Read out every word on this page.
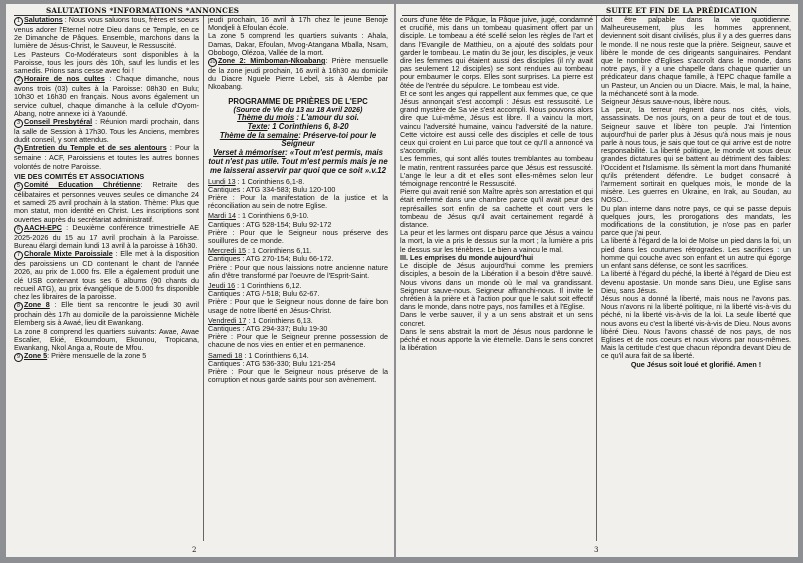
SALUTATIONS *INFORMATIONS *ANNONCES

1 Salutations : Nous vous saluons tous, frères et soeurs venus adorer l'Eternel notre Dieu dans ce Temple, en ce 2e Dimanche de Pâques. Ensemble, marchons dans la lumière de Jésus-Christ, le Sauveur, le Ressuscité.

Les Pasteurs Co-Modérateurs sont disponibles à la Paroisse, tous les jours dès 10h, sauf les lundis et les samedis. Prions sans cesse avec foi !

2 Horaire de nos cultes : Chaque dimanche, nous avons trois (03) cultes à la Paroisse: 08h30 en Bulu; 10h30 et 16h30 en français. Nous avons également un service cultuel, chaque dimanche à la cellule d'Oyom-Abang, notre annexe ici à Yaoundé.

3 Conseil Presbytéral : Réunion mardi prochain, dans la salle de Session à 17h30. Tous les Anciens, membres dudit conseil, y sont attendus.

4 Entretien du Temple et de ses alentours : Pour la semaine : ACF, Paroissiens et toutes les autres bonnes volontés de notre Paroisse.

VIE DES COMITÉS ET ASSOCIATIONS

5 Comité Education Chrétienne: Retraite des célibataires et personnes veuves seules ce dimanche 24 et samedi 25 avril prochain à la station. Thème: Plus que mon statut, mon identité en Christ. Les inscriptions sont ouvertes auprès du secrétariat administratif.

6 AACH-EPC : Deuxième conférence trimestrielle AE 2025-2026 du 15 au 17 avril prochain à la Paroisse. Bureau élargi demain lundi 13 avril à la paroisse à 16h30.

7 Chorale Mixte Paroissiale : Elle met à la disposition des paroissiens un CD contenant le chant de l'année 2026, au prix de 1.000 frs. Elle a également produit une clé USB contenant tous ses 6 albums (90 chants du recueil ATG), au prix évangélique de 5.000 frs disponible chez les libraires de la paroisse.

8 Zone 8 : Elle tient sa rencontre le jeudi 30 avril prochain dès 17h au domicile de la paroissienne Michèle Elemberg sis à Awaé, lieu dit Ewankang.

La zone 8 comprend les quartiers suivants: Awae, Awae Escalier, Ekié, Ekoumdoum, Ekounou, Tropicana, Ewankang, Nkol Anga a, Route de Mfou.

9 Zone 5: Prière mensuelle de la zone 5

jeudi prochain, 16 avril à 17h chez le jeune Benoje Mondjeli à Efoulan école.

La zone 5 comprend les quartiers suivants : Ahala, Damas, Dakar, Efoulan, Mvog-Atangana Mballa, Nsam, Obobogo, Olézoa, Vallée de la mort.

10 Zone 2: Mimboman-Nkoabang: Prière mensuelle de la zone jeudi prochain, 16 avril à 16h30 au domicile du Diacre Nguele Pierre Lebel, sis à Alembe par Nkoabang.

PROGRAMME DE PRIÈRES DE L'EPC

(Source de Vie du 13 au 18 Avril 2026)

Thème du mois : L'amour du soi.

Texte: 1 Corinthiens 6, 8-20

Thème de la semaine: Préserve-toi pour le Seigneur

Verset à mémoriser: «Tout m'est permis, mais tout n'est pas utile. Tout m'est permis mais je ne me laisserai asservir par quoi que ce soit ».v.12

Lundi 13 : 1 Corinthiens 6,1-8.

Cantiques : ATG 334-583; Bulu 120-100

Prière : Pour la manifestation de la justice et la réconciliation au sein de notre Eglise.

Mardi 14 : 1 Corinthiens 6,9-10.

Cantiques : ATG 528-154; Bulu 92-172

Prière : Pour que le Seigneur nous préserve des souillures de ce monde.

Mercredi 15 : 1 Corinthiens 6,11.

Cantiques : ATG 270-154; Bulu 66-172.

Prière : Pour que nous laissions notre ancienne nature afin d'être transformé par l'oeuvre de l'Esprit-Saint.

Jeudi 16 : 1 Corinthiens 6,12.

Cantiques : ATG /-518; Bulu 62-67.

Prière : Pour que le Seigneur nous donne de faire bon usage de notre liberté en Jésus-Christ.

Vendredi 17 : 1 Corinthiens 6,13.

Cantiques : ATG 294-337; Bulu 19-30

Prière : Pour que le Seigneur prenne possession de chacune de nos vies en entier et en permanence.

Samedi 18 : 1 Corinthiens 6,14.

Cantiques : ATG 536-330; Bulu 121-254

Prière : Pour que le Seigneur nous préserve de la corruption et nous garde saints pour son avènement.

2
SUITE ET FIN DE LA PRÉDICATION

cours d'une fête de Pâque, la Pâque juive, jugé, condamné et crucifié, mis dans un tombeau quasiment offert par un disciple. Le tombeau a été scellé selon les règles de l'art et dans l'Evangile de Matthieu, on a ajouté des soldats pour garder le tombeau. Le matin du 3e jour, les disciples, je veux dire les femmes qui étaient aussi des disciples (il n'y avait pas seulement 12 disciples) se sont rendues au tombeau pour embaumer le corps. Elles sont surprises. La pierre est ôtée de l'entrée du sépulcre. Le tombeau est vide.

Et ce sont les anges qui rappellent aux femmes que, ce que Jésus annonçait s'est accompli : Jésus est ressuscité. Le grand mystère de Sa vie s'est accompli. Nous pouvons alors dire que Lui-même, Jésus est libre. Il a vaincu la mort, vaincu l'adversité humaine, vaincu l'adversité de la nature. Cette victoire est aussi celle des disciples et celle de tous ceux qui croient en Lui parce que tout ce qu'Il a annoncé va s'accomplir.

Les femmes, qui sont allés toutes tremblantes au tombeau le matin, rentrent rassurées parce que Jésus est ressuscité. L'ange le leur a dit et elles sont elles-mêmes selon leur témoignage rencontré le Ressuscité.

Pierre qui avait renié son Maître après son arrestation et qui était enfermé dans une chambre parce qu'il avait peur des représailles sort enfin de sa cachette et court vers le tombeau de Jésus qu'il avait certainement regardé à distance.

La peur et les larmes ont disparu parce que Jésus a vaincu la mort, la vie a pris le dessus sur la mort ; la lumière a pris le dessus sur les ténèbres. Le bien a vaincu le mal.

III. Les emprises du monde aujourd'hui

Le disciple de Jésus aujourd'hui comme les premiers disciples, a besoin de la Libération il a besoin d'être sauvé. Nous vivons dans un monde où le mal va grandissant. Seigneur sauve-nous. Seigneur affranchi-nous. Il invite le chrétien à la prière et à l'action pour que le salut soit effectif dans le monde, dans notre pays, nos familles et à l'Eglise.

Dans le verbe sauver, il y a un sens abstrait et un sens concret.

Dans le sens abstrait la mort de Jésus nous pardonne le péché et nous apporte la vie éternelle. Dans le sens concret la libération

doit être palpable dans la vie quotidienne. Malheureusement, plus les hommes apprennent, deviennent soit disant civilisés, plus il y a des guerres dans le monde. Il ne nous reste que la prière. Seigneur, sauve et libère le monde de ces dirigeants sanguinaires. Pendant que le nombre d'Eglises s'accroît dans le monde, dans notre pays, il y a une chapelle dans chaque quartier un prédicateur dans chaque famille, à l'EPC chaque famille a un Pasteur, un Ancien ou un Diacre. Mais, le mal, la haine, la méchanceté sont à la mode.

Seigneur Jésus sauve-nous, libère nous.

La peur, la terreur règnent dans nos cités, viols, assassinats. De nos jours, on a peur de tout et de tous. Seigneur sauve et libère ton peuple. J'ai l'intention aujourd'hui de parler plus à Jésus qu'à nous mais je nous parle à nous tous, je sais que tout ce qui arrive est de notre responsabilité. La liberté politique, le monde vit sous deux grandes dictatures qui se battent au détriment des faibles: l'Occident et l'Islamisme. Ils sèment la mort dans l'humanité qu'ils prétendent défendre. Le budget consacré à l'armement sortirait en quelques mois, le monde de la misère. Les guerres en Ukraine, en Irak, au Soudan, au NOSO...

Du plan interne dans notre pays, ce qui se passe depuis quelques jours, les prorogations des mandats, les modifications de la constitution, je n'ose pas en parler parce que j'ai peur.

La liberté à l'égard de la loi de Moïse un pied dans la foi, un pied dans les coutumes rétrogrades. Les sacrifices : un homme qui couche avec son enfant et un autre qui égorge un enfant sans défense, ce sont les sacrifices.

La liberté à l'égard du péché, la liberté à l'égard de Dieu est devenu apostasie. Un monde sans Dieu, une Eglise sans Dieu, sans Jésus.

Jésus nous a donné la liberté, mais nous ne l'avons pas. Nous n'avons ni la liberté politique, ni la liberté vis-à-vis du péché, ni la liberté vis-à-vis de la loi. La seule liberté que nous avons eu c'est la liberté vis-à-vis de Dieu. Nous avons libéré Dieu. Nous l'avons chassé de nos pays, de nos Eglises et de nos coeurs et nous vivons par nous-mêmes. Mais la certitude c'est que chacun répondra devant Dieu de ce qu'il aura fait de sa liberté.

Que Jésus soit loué et glorifié. Amen !

3
